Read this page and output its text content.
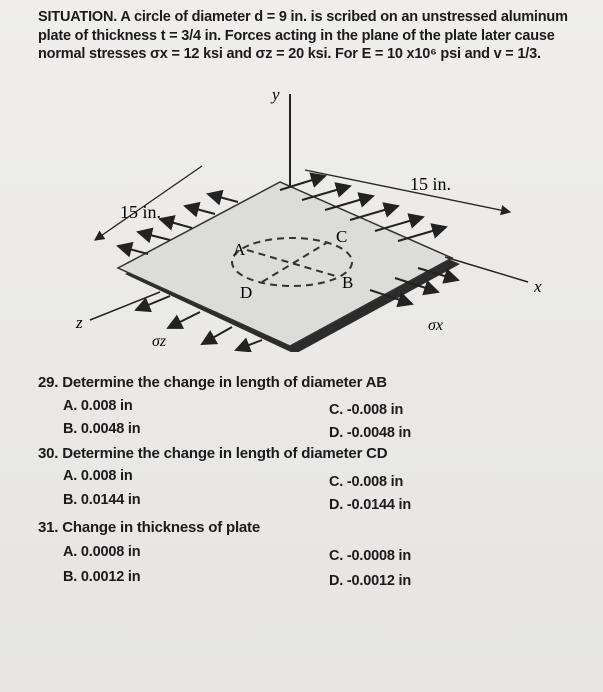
SITUATION. A circle of diameter d = 9 in. is scribed on an unstressed aluminum
plate of thickness t = 3/4 in. Forces acting in the plane of the plate later cause
normal stresses σx = 12 ksi and σz = 20 ksi. For E = 10 x10⁶ psi and v = 1/3.
y
A
B
C
D	x
z
15 in.
15 in.
σx
σz
29. Determine the change in length of diameter AB
A. 0.008 in
B. 0.0048 in
C. -0.008 in
D. -0.0048 in
30. Determine the change in length of diameter CD
A. 0.008 in
B. 0.0144 in
C. -0.008 in
D. -0.0144 in
31. Change in thickness of plate
A. 0.0008 in
B. 0.0012 in
C. -0.0008 in
D. -0.0012 in
